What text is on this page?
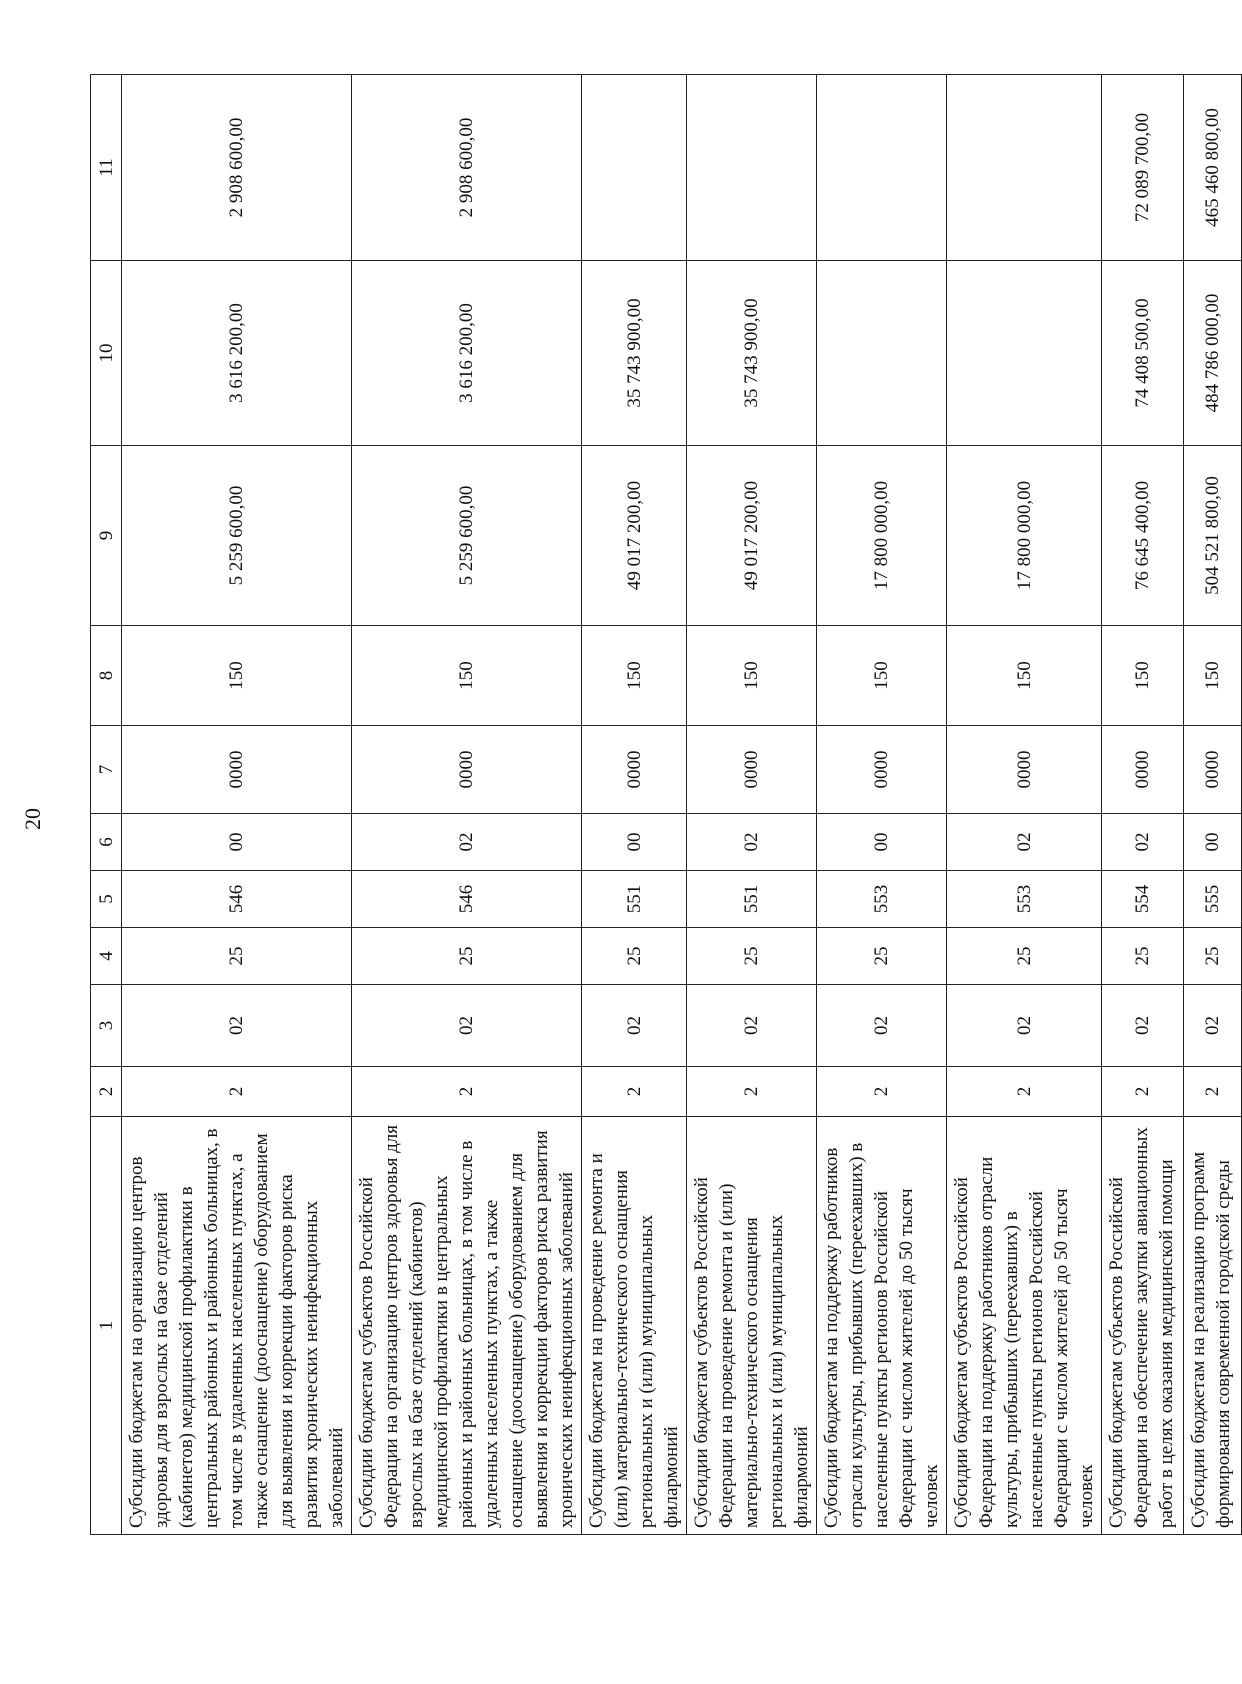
20
1	2	3	4	5	6	7	8	9	10	11
Субсидии бюджетам на организацию центров здоровья для взрослых на базе отделений (кабинетов) медицинской профилактики в центральных районных и районных больницах, в том числе в удаленных населенных пунктах, а также оснащение (дооснащение) оборудованием для выявления и коррекции факторов риска развития хронических неинфекционных заболеваний	2	02	25	546	00	0000	150	5 259 600,00	3 616 200,00	2 908 600,00
Субсидии бюджетам субъектов Российской Федерации на организацию центров здоровья для взрослых на базе отделений (кабинетов) медицинской профилактики в центральных районных и районных больницах, в том числе в удаленных населенных пунктах, а также оснащение (дооснащение) оборудованием для выявления и коррекции факторов риска развития хронических неинфекционных заболеваний	2	02	25	546	02	0000	150	5 259 600,00	3 616 200,00	2 908 600,00
Субсидии бюджетам на проведение ремонта и (или) материально-технического оснащения региональных и (или) муниципальных филармоний	2	02	25	551	00	0000	150	49 017 200,00	35 743 900,00	
Субсидии бюджетам субъектов Российской Федерации на проведение ремонта и (или) материально-технического оснащения региональных и (или) муниципальных филармоний	2	02	25	551	02	0000	150	49 017 200,00	35 743 900,00	
Субсидии бюджетам на поддержку работников отрасли культуры, прибывших (переехавших) в населенные пункты регионов Российской Федерации с числом жителей до 50 тысяч человек	2	02	25	553	00	0000	150	17 800 000,00		
Субсидии бюджетам субъектов Российской Федерации на поддержку работников отрасли культуры, прибывших (переехавших) в населенные пункты регионов Российской Федерации с числом жителей до 50 тысяч человек	2	02	25	553	02	0000	150	17 800 000,00		
Субсидии бюджетам субъектов Российской Федерации на обеспечение закупки авиационных работ в целях оказания медицинской помощи	2	02	25	554	02	0000	150	76 645 400,00	74 408 500,00	72 089 700,00
Субсидии бюджетам на реализацию программ формирования современной городской среды	2	02	25	555	00	0000	150	504 521 800,00	484 786 000,00	465 460 800,00
